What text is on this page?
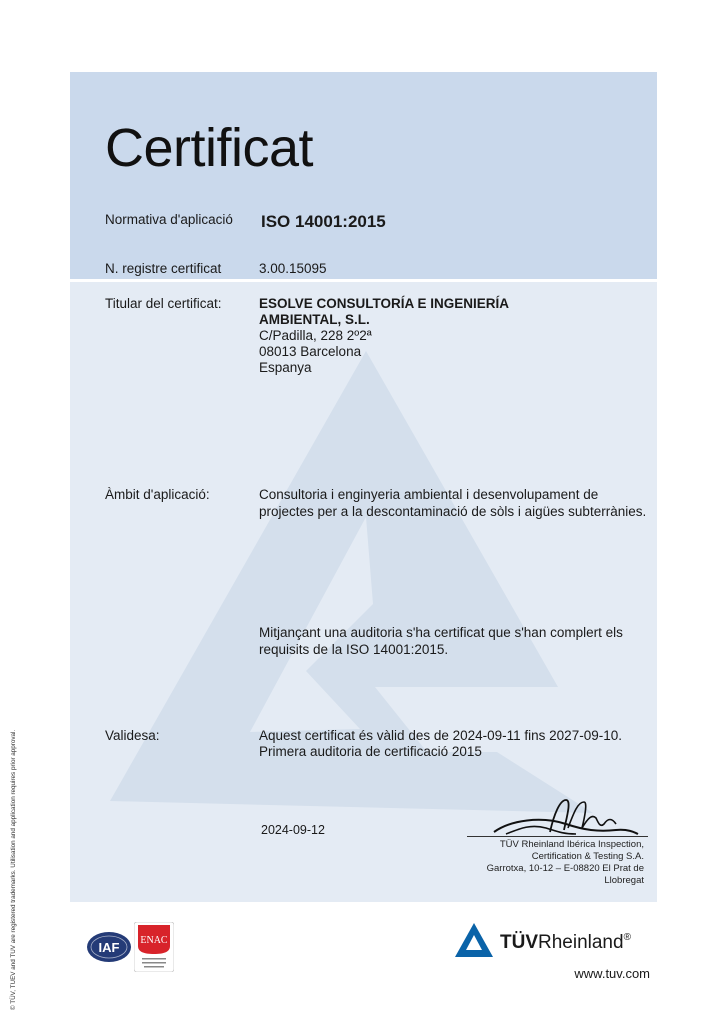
© TÜV, TUEV and TUV are registered trademarks. Utilisation and application requires prior approval.
Certificat
Normativa d'aplicació ISO 14001:2015
N. registre certificat	3.00.15095
Titular del certificat:	ESOLVE CONSULTORÍA E INGENIERÍA
AMBIENTAL, S.L.
C/Padilla, 228 2º2ª
08013 Barcelona
Espanya
Àmbit d'aplicació:	Consultoria i enginyeria ambiental i desenvolupament de
projectes per a la descontaminació de sòls i aigües subterrànies.
Mitjançant una auditoria s'ha certificat que s'han complert els
requisits de la ISO 14001:2015.
Validesa:	Aquest certificat és vàlid des de 2024-09-11 fins 2027-09-10.
Primera auditoria de certificació 2015
2024-09-12
TÜV Rheinland Ibérica Inspection,
Certification & Testing S.A.
Garrotxa, 10-12 – E-08820 El Prat de
Llobregat
IAF ENAC	TÜVRheinland®
www.tuv.com
